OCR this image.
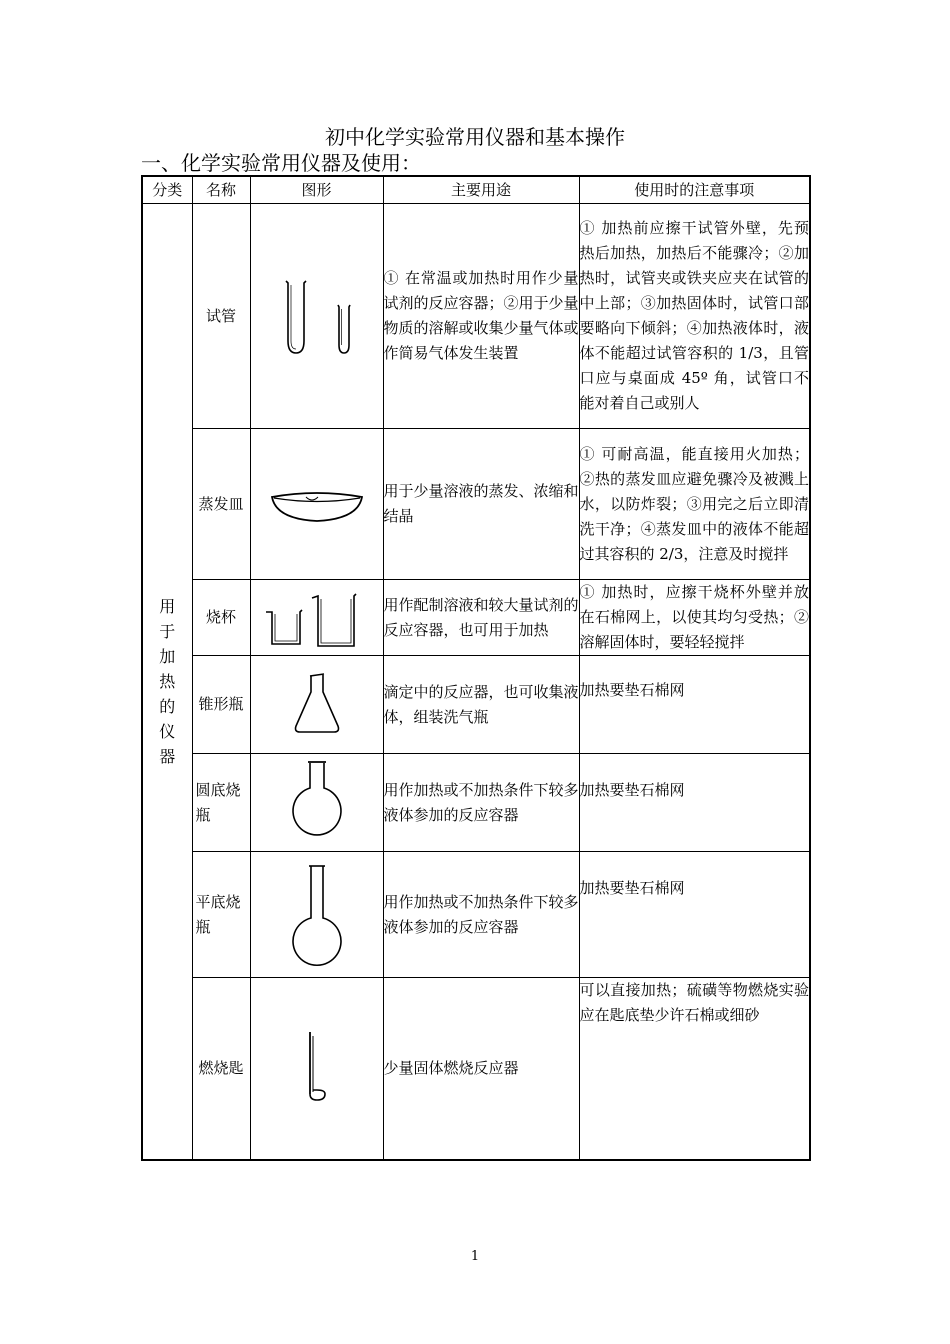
初中化学实验常用仪器和基本操作
一、化学实验常用仪器及使用：
分类	名称	图形	主要用途	使用时的注意事项

用于加热的仪器	试管		① 在常温或加热时用作少量试剂的反应容器；②用于少量物质的溶解或收集少量气体或作简易气体发生装置	① 加热前应擦干试管外壁，先预热后加热，加热后不能骤冷；②加热时，试管夹或铁夹应夹在试管的中上部；③加热固体时，试管口部要略向下倾斜；④加热液体时，液体不能超过试管容积的 1/3，且管口应与桌面成 45º 角，试管口不能对着自己或别人
	蒸发皿		用于少量溶液的蒸发、浓缩和结晶	① 可耐高温，能直接用火加热；②热的蒸发皿应避免骤冷及被溅上水，以防炸裂；③用完之后立即清洗干净；④蒸发皿中的液体不能超过其容积的 2/3，注意及时搅拌
	烧杯		用作配制溶液和较大量试剂的反应容器，也可用于加热	① 加热时，应擦干烧杯外壁并放在石棉网上，以使其均匀受热；②溶解固体时，要轻轻搅拌
	锥形瓶		滴定中的反应器，也可收集液体，组装洗气瓶	加热要垫石棉网
	圆底烧瓶		用作加热或不加热条件下较多液体参加的反应容器	加热要垫石棉网
	平底烧瓶		用作加热或不加热条件下较多液体参加的反应容器	加热要垫石棉网
	燃烧匙		少量固体燃烧反应器	可以直接加热；硫磺等物燃烧实验应在匙底垫少许石棉或细砂
1
